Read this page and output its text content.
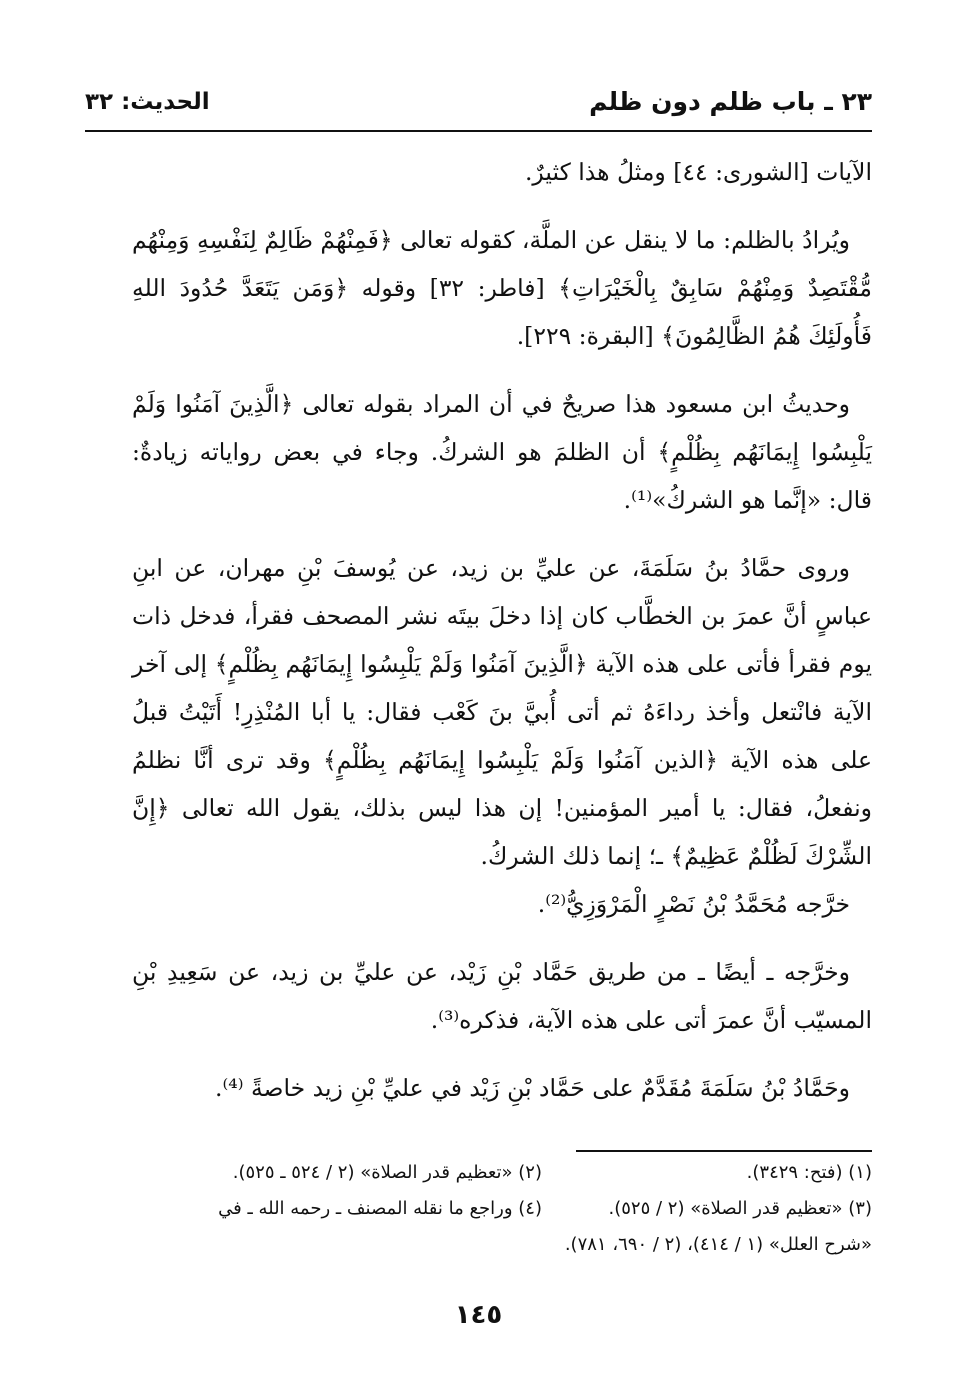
٢٣ ـ باب ظلم دون ظلم
الحديث: ٣٢

الآيات [الشورى: ٤٤] ومثلُ هذا كثيرٌ.

ويُرادُ بالظلم: ما لا ينقل عن الملَّة، كقوله تعالى ﴿فَمِنْهُمْ ظَالِمٌ لِنَفْسِهِ وَمِنْهُم مُّقْتَصِدٌ وَمِنْهُمْ سَابِقٌ بِالْخَيْرَاتِ﴾ [فاطر: ٣٢] وقوله ﴿وَمَن يَتَعَدَّ حُدُودَ اللهِ فَأُولَئِكَ هُمُ الظَّالِمُونَ﴾ [البقرة: ٢٢٩].

وحديثُ ابن مسعود هذا صريحٌ في أن المراد بقوله تعالى ﴿الَّذِينَ آمَنُوا وَلَمْ يَلْبِسُوا إِيمَانَهُم بِظُلْمٍ﴾ أن الظلمَ هو الشركُ. وجاء في بعض رواياته زيادةٌ: قال: «إنَّما هو الشركُ»⁽¹⁾.

وروى حمَّادُ بنُ سَلَمَةَ، عن عليِّ بن زيد، عن يُوسفَ بْنِ مهران، عن ابنِ عباسٍ أنَّ عمرَ بن الخطَّاب كان إذا دخلَ بيتَه نشر المصحف فقرأ، فدخل ذات يوم فقرأ فأتى على هذه الآية ﴿الَّذِينَ آمَنُوا وَلَمْ يَلْبِسُوا إِيمَانَهُم بِظُلْمٍ﴾ إلى آخر الآية فانْتعل وأخذ رداءَهُ ثم أتى أُبيَّ بنَ كَعْب فقال: يا أبا المُنْذِرِ! أَتَيْتُ قبلُ على هذه الآية ﴿الذين آمَنُوا وَلَمْ يَلْبِسُوا إِيمَانَهُم بِظُلْمٍ﴾ وقد ترى أنَّا نظلمُ ونفعلُ، فقال: يا أمير المؤمنين! إن هذا ليس بذلك، يقول الله تعالى ﴿إِنَّ الشِّرْكَ لَظُلْمٌ عَظِيمٌ﴾ ـ؛ إنما ذلك الشركُ.

خرَّجه مُحَمَّدُ بْنُ نَصْرٍ الْمَرْوَزِيُّ⁽²⁾.

وخرَّجه ـ أيضًا ـ من طريق حَمَّاد بْنِ زَيْد، عن عليِّ بن زيد، عن سَعِيدِ بْنِ المسيّب أنَّ عمرَ أتى على هذه الآية، فذكره⁽³⁾.

وحَمَّادُ بْنُ سَلَمَةَ مُقَدَّمٌ على حَمَّاد بْنِ زَيْد في عليِّ بْنِ زيد خاصةً ⁽⁴⁾.

(١) (فتح: ٣٤٢٩).
(٢) «تعظيم قدر الصلاة» (٢ / ٥٢٤ ـ ٥٢٥).
(٣) «تعظيم قدر الصلاة» (٢ / ٥٢٥).
(٤) وراجع ما نقله المصنف ـ رحمه الله ـ في
«شرح العلل» (١ / ٤١٤)، (٢ / ٦٩٠، ٧٨١).
١٤٥
